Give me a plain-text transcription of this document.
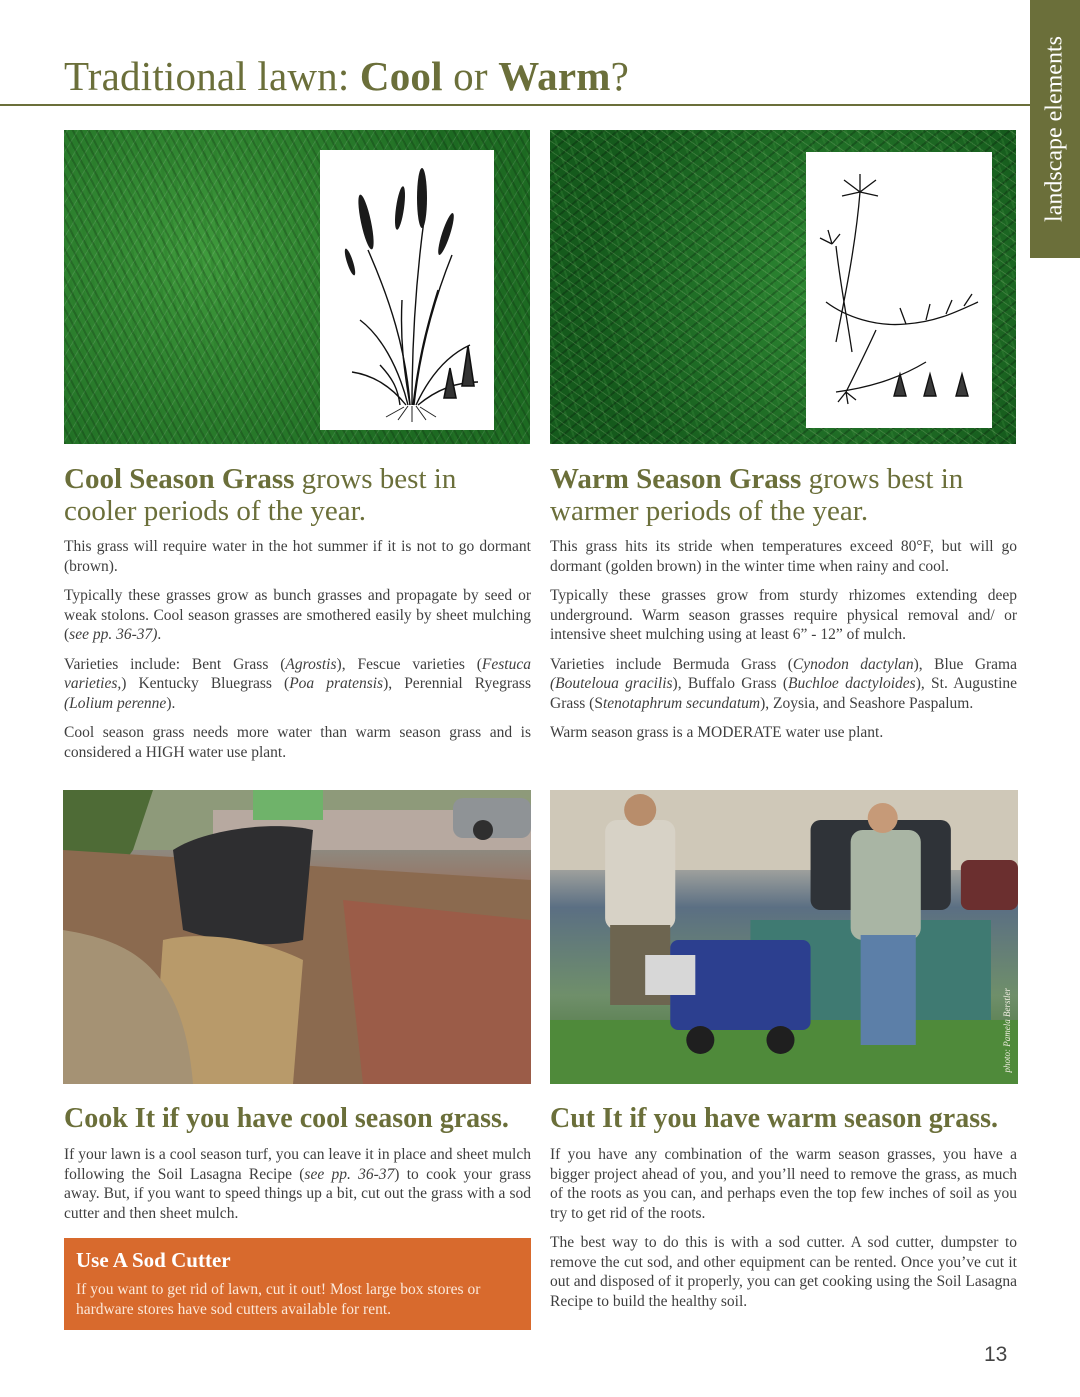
Traditional lawn: Cool or Warm?	landscape elements
Cool Season Grass grows best in cooler periods of the year.

This grass will require water in the hot summer if it is not to go dormant (brown).

Typically these grasses grow as bunch grasses and propagate by seed or weak stolons. Cool season grasses are smothered easily by sheet mulching (see pp. 36-37).

Varieties include: Bent Grass (Agrostis), Fescue varieties (Festuca varieties,) Kentucky Bluegrass (Poa pratensis), Perennial Ryegrass (Lolium perenne).

Cool season grass needs more water than warm season grass and is considered a HIGH water use plant.

Warm Season Grass grows best in warmer periods of the year.

This grass hits its stride when temperatures exceed 80°F, but will go dormant (golden brown) in the winter time when rainy and cool.

Typically these grasses grow from sturdy rhizomes extending deep underground. Warm season grasses require physical removal and/ or intensive sheet mulching using at least 6” - 12” of mulch.

Varieties include Bermuda Grass (Cynodon dactylan), Blue Grama (Bouteloua gracilis), Buffalo Grass (Buchloe dactyloides), St. Augustine Grass (Stenotaphrum secundatum), Zoysia, and Seashore Paspalum.

Warm season grass is a MODERATE water use plant.

photo: Pamela Berstler
Cook It if you have cool season grass.

If your lawn is a cool season turf, you can leave it in place and sheet mulch following the Soil Lasagna Recipe (see pp. 36-37) to cook your grass away. But, if you want to speed things up a bit, cut out the grass with a sod cutter and then sheet mulch.

Use A Sod Cutter
If you want to get rid of lawn, cut it out! Most large box stores or hardware stores have sod cutters available for rent.
Cut It if you have warm season grass.

If you have any combination of the warm season grasses, you have a bigger project ahead of you, and you’ll need to remove the grass, as much of the roots as you can, and perhaps even the top few inches of soil as you try to get rid of the roots.

The best way to do this is with a sod cutter. A sod cutter, dumpster to remove the cut sod, and other equipment can be rented. Once you’ve cut it out and disposed of it properly, you can get cooking using the Soil Lasagna Recipe to build the healthy soil.

13
